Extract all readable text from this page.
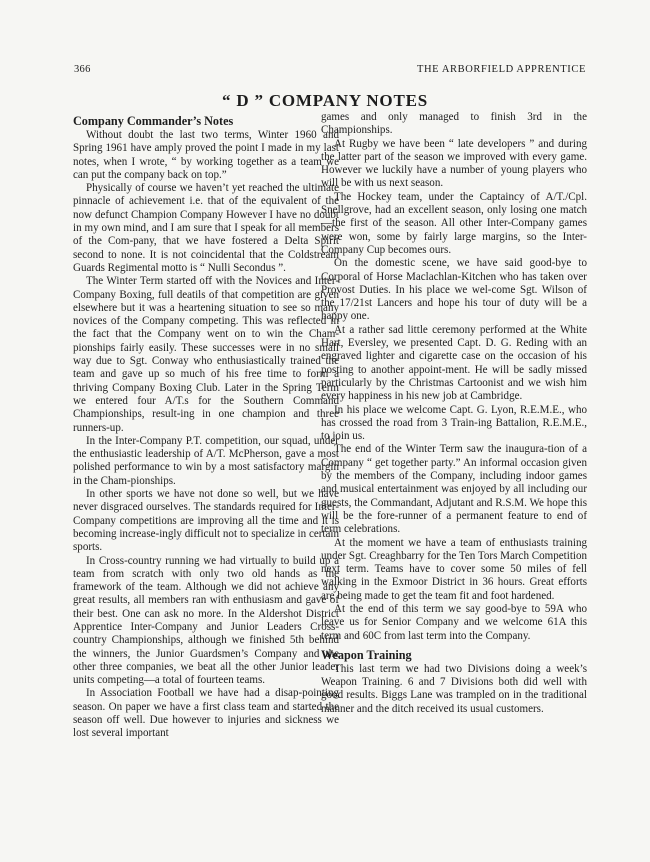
366	THE ARBORFIELD APPRENTICE
“ D ” COMPANY NOTES
Company Commander’s Notes

Without doubt the last two terms, Winter 1960 and Spring 1961 have amply proved the point I made in my last notes, when I wrote, “ by working together as a team we can put the company back on top.”

Physically of course we haven’t yet reached the ultimate pinnacle of achievement i.e. that of the equivalent of the now defunct Champion Company However I have no doubt in my own mind, and I am sure that I speak for all members of the Com-pany, that we have fostered a Delta Spirit second to none. It is not coincidental that the Coldstream Guards Regimental motto is “ Nulli Secondus ”.

The Winter Term started off with the Novices and Inter-Company Boxing, full deatils of that competition are given elsewhere but it was a heartening situation to see so many novices of the Company competing. This was reflected in the fact that the Company went on to win the Cham-pionships fairly easily. These successes were in no small way due to Sgt. Conway who enthusiastically trained the team and gave up so much of his free time to form a thriving Company Boxing Club. Later in the Spring Term we entered four A/T.s for the Southern Command Championships, result-ing in one champion and three runners-up.

In the Inter-Company P.T. competition, our squad, under the enthusiastic leadership of A/T. McPherson, gave a most polished performance to win by a most satisfactory margin in the Cham-pionships.

In other sports we have not done so well, but we have never disgraced ourselves. The standards required for Inter-Company competitions are improving all the time and it is becoming increase-ingly difficult not to specialize in certain sports.

In Cross-country running we had virtually to build up a team from scratch with only two old hands as the framework of the team. Although we did not achieve any great results, all members ran with enthusiasm and gave of their best. One can ask no more. In the Aldershot District Apprentice Inter-Company and Junior Leaders Cross-country Championships, although we finished 5th behind the winners, the Junior Guardsmen’s Company and the other three companies, we beat all the other Junior leader units competing—a total of fourteen teams.

In Association Football we have had a disap-pointing season. On paper we have a first class team and started the season off well. Due however to injuries and sickness we lost several important

games and only managed to finish 3rd in the Championships.

At Rugby we have been “ late developers ” and during the latter part of the season we improved with every game. However we luckily have a number of young players who will be with us next season.

The Hockey team, under the Captaincy of A/T./Cpl. Snellgrove, had an excellent season, only losing one match—the first of the season. All other Inter-Company games were won, some by fairly large margins, so the Inter-Company Cup becomes ours.

On the domestic scene, we have said good-bye to Corporal of Horse Maclachlan-Kitchen who has taken over Provost Duties. In his place we wel-come Sgt. Wilson of the 17/21st Lancers and hope his tour of duty will be a happy one.

At a rather sad little ceremony performed at the White Hart, Eversley, we presented Capt. D. G. Reding with an engraved lighter and cigarette case on the occasion of his posting to another appoint-ment. He will be sadly missed particularly by the Christmas Cartoonist and we wish him every happiness in his new job at Cambridge.

In his place we welcome Capt. G. Lyon, R.E.M.E., who has crossed the road from 3 Train-ing Battalion, R.E.M.E., to join us.

The end of the Winter Term saw the inaugura-tion of a Company “ get together party.” An informal occasion given by the members of the Company, including indoor games and musical entertainment was enjoyed by all including our guests, the Commandant, Adjutant and R.S.M. We hope this will be the fore-runner of a permanent feature to end of term celebrations.

At the moment we have a team of enthusiasts training under Sgt. Creaghbarry for the Ten Tors March Competition next term. Teams have to cover some 50 miles of fell walking in the Exmoor District in 36 hours. Great efforts are being made to get the team fit and foot hardened.

At the end of this term we say good-bye to 59A who leave us for Senior Company and we welcome 61A this term and 60C from last term into the Company.

Weapon Training

This last term we had two Divisions doing a week’s Weapon Training. 6 and 7 Divisions both did well with good results. Biggs Lane was trampled on in the traditional manner and the ditch received its usual customers.
